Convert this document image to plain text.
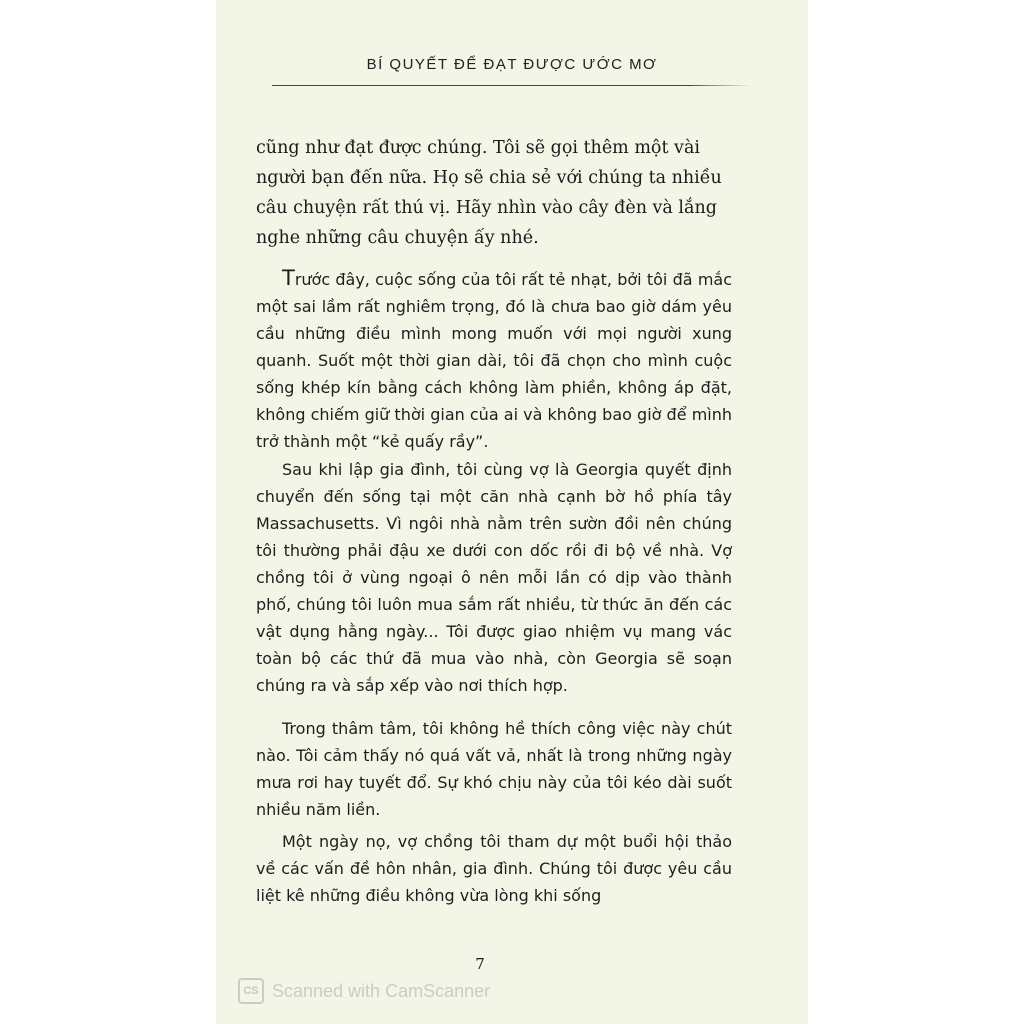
BÍ QUYẾT ĐỂ ĐẠT ĐƯỢC ƯỚC MƠ

cũng như đạt được chúng. Tôi sẽ gọi thêm một vài người bạn đến nữa. Họ sẽ chia sẻ với chúng ta nhiều câu chuyện rất thú vị. Hãy nhìn vào cây đèn và lắng nghe những câu chuyện ấy nhé.

Trước đây, cuộc sống của tôi rất tẻ nhạt, bởi tôi đã mắc một sai lầm rất nghiêm trọng, đó là chưa bao giờ dám yêu cầu những điều mình mong muốn với mọi người xung quanh. Suốt một thời gian dài, tôi đã chọn cho mình cuộc sống khép kín bằng cách không làm phiền, không áp đặt, không chiếm giữ thời gian của ai và không bao giờ để mình trở thành một “kẻ quấy rầy”.

Sau khi lập gia đình, tôi cùng vợ là Georgia quyết định chuyển đến sống tại một căn nhà cạnh bờ hồ phía tây Massachusetts. Vì ngôi nhà nằm trên sườn đồi nên chúng tôi thường phải đậu xe dưới con dốc rồi đi bộ về nhà. Vợ chồng tôi ở vùng ngoại ô nên mỗi lần có dịp vào thành phố, chúng tôi luôn mua sắm rất nhiều, từ thức ăn đến các vật dụng hằng ngày... Tôi được giao nhiệm vụ mang vác toàn bộ các thứ đã mua vào nhà, còn Georgia sẽ soạn chúng ra và sắp xếp vào nơi thích hợp.

Trong thâm tâm, tôi không hề thích công việc này chút nào. Tôi cảm thấy nó quá vất vả, nhất là trong những ngày mưa rơi hay tuyết đổ. Sự khó chịu này của tôi kéo dài suốt nhiều năm liền.

Một ngày nọ, vợ chồng tôi tham dự một buổi hội thảo về các vấn đề hôn nhân, gia đình. Chúng tôi được yêu cầu liệt kê những điều không vừa lòng khi sống

7
CS Scanned with CamScanner
